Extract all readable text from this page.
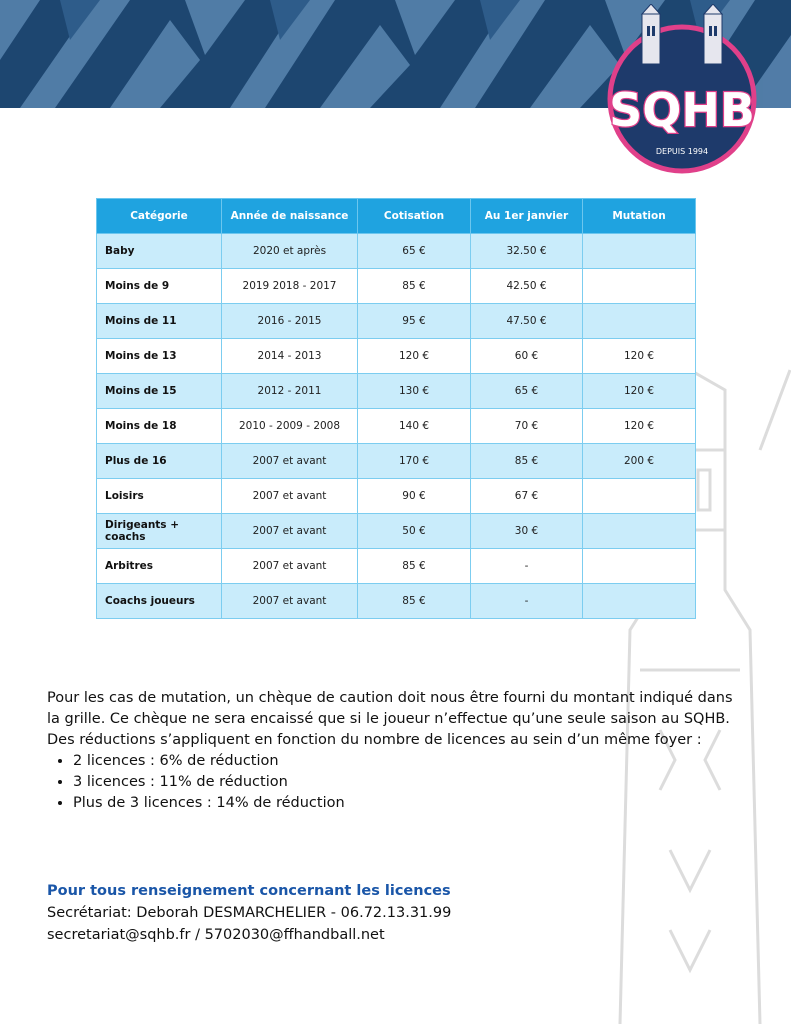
SQHB
DEPUIS 1994
Catégorie	Année de naissance	Cotisation	Au 1er janvier	Mutation
Baby	2020 et après	65 €	32.50 €	
Moins de 9	2019 2018 - 2017	85 €	42.50 €	
Moins de 11	2016 - 2015	95 €	47.50 €	
Moins de 13	2014 - 2013	120 €	60 €	120 €
Moins de 15	2012 - 2011	130 €	65 €	120 €
Moins de 18	2010 - 2009 - 2008	140 €	70 €	120 €
Plus de 16	2007 et avant	170 €	85 €	200 €
Loisirs	2007 et avant	90 €	67 €	
Dirigeants + coachs	2007 et avant	50 €	30 €	
Arbitres	2007 et avant	85 €	-	
Coachs joueurs	2007 et avant	85 €	-	

Pour les cas de mutation, un chèque de caution doit nous être fourni du montant indiqué dans la grille. Ce chèque ne sera encaissé que si le joueur n’effectue qu’une seule saison au SQHB.

Des réductions s’appliquent en fonction du nombre de licences au sein d’un même foyer :

• 2 licences : 6% de réduction
• 3 licences : 11% de réduction
• Plus de 3 licences : 14% de réduction
Pour tous renseignement concernant les licences
Secrétariat: Deborah DESMARCHELIER - 06.72.13.31.99
secretariat@sqhb.fr / 5702030@ffhandball.net
